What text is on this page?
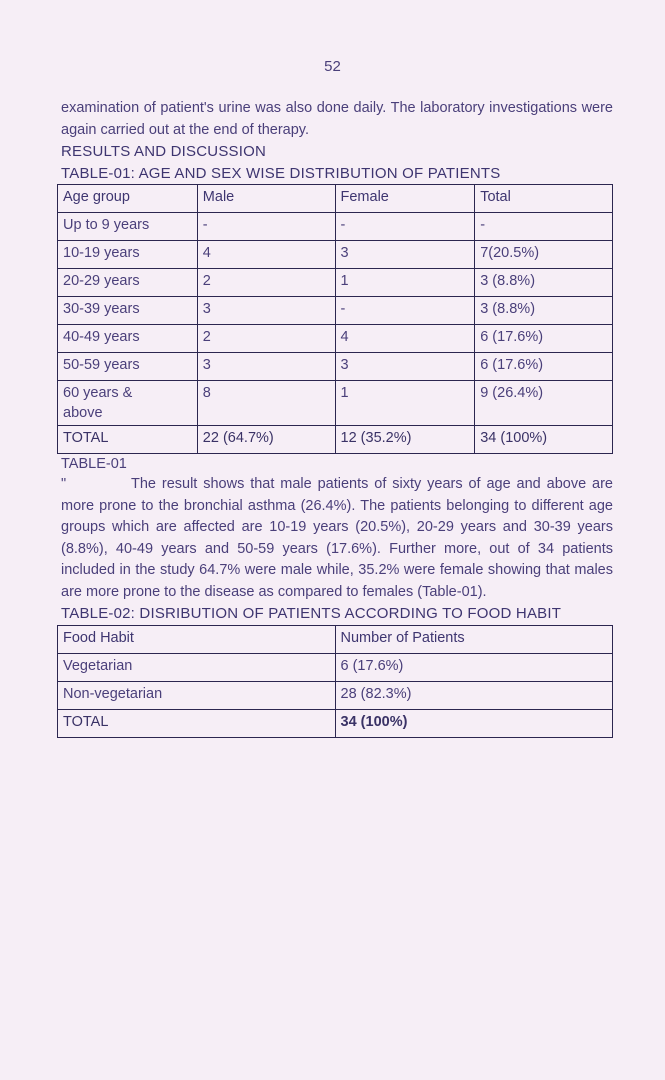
52

examination of patient's urine was also done daily. The laboratory investigations were again carried out at the end of therapy.

RESULTS AND DISCUSSION

TABLE-01: AGE AND SEX WISE DISTRIBUTION OF PATIENTS

Age group	Male	Female	Total
Up to 9 years	-	-	-
10-19 years	4	3	7(20.5%)
20-29 years	2	1	3 (8.8%)
30-39 years	3	-	3 (8.8%)
40-49 years	2	4	6 (17.6%)
50-59 years	3	3	6 (17.6%)
60 years & above	8	1	9 (26.4%)
TOTAL	22 (64.7%)	12 (35.2%)	34 (100%)

TABLE-01

"	The result shows that male patients of sixty years of age and above are more prone to the bronchial asthma (26.4%). The patients belonging to different age groups which are affected are 10-19 years (20.5%), 20-29 years and 30-39 years (8.8%), 40-49 years and 50-59 years (17.6%). Further more, out of 34 patients included in the study 64.7% were male while, 35.2% were female showing that males are more prone to the disease as compared to females (Table-01).

TABLE-02: DISRIBUTION OF PATIENTS ACCORDING TO FOOD HABIT

Food Habit	Number of Patients
Vegetarian	6 (17.6%)
Non-vegetarian	28 (82.3%)
TOTAL	34 (100%)
